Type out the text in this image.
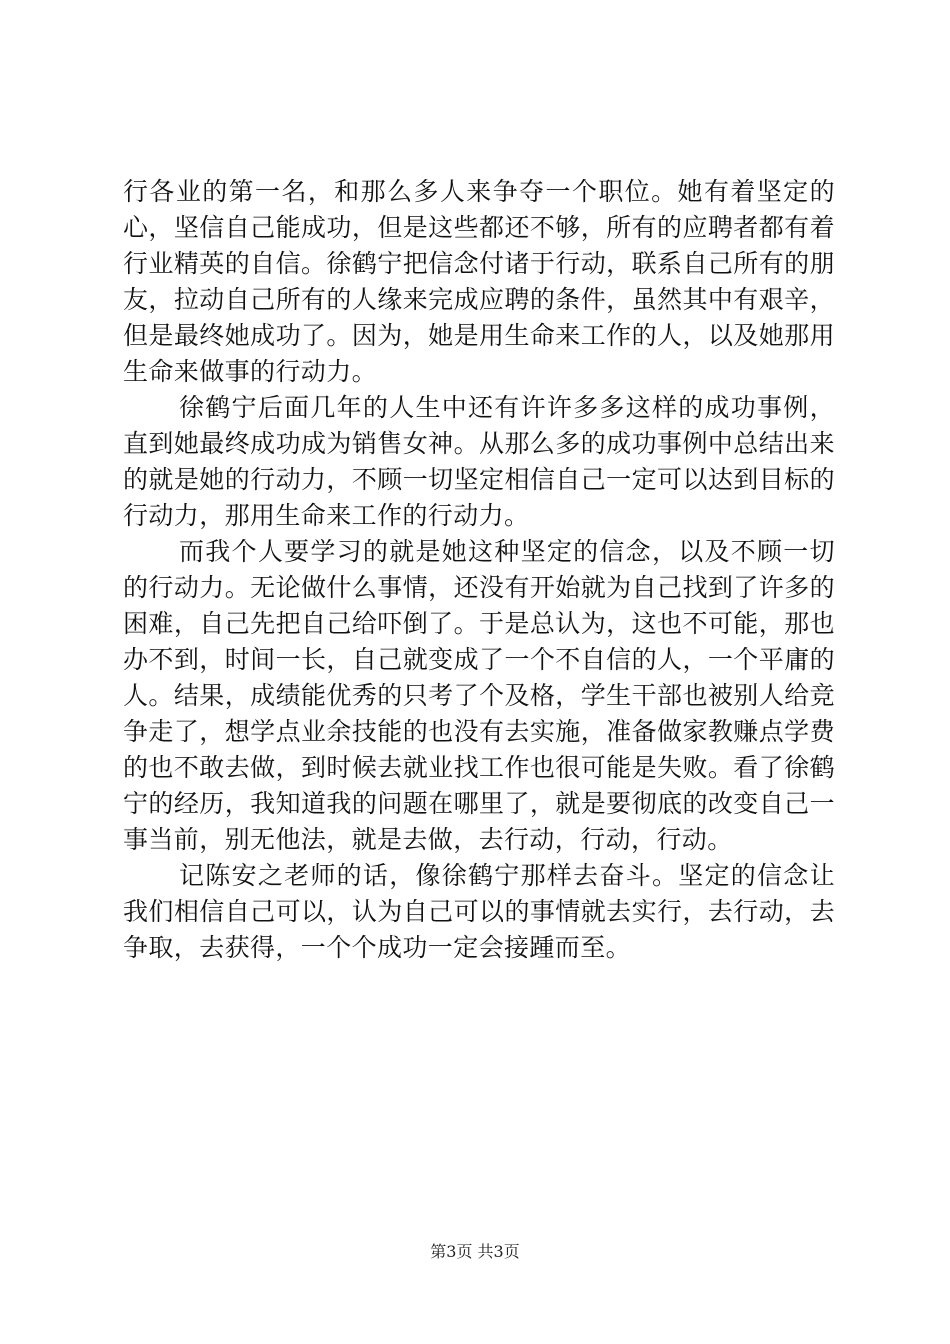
行各业的第一名，和那么多人来争夺一个职位。她有着坚定的心，坚信自己能成功，但是这些都还不够，所有的应聘者都有着行业精英的自信。徐鹤宁把信念付诸于行动，联系自己所有的朋友，拉动自己所有的人缘来完成应聘的条件，虽然其中有艰辛，但是最终她成功了。因为，她是用生命来工作的人，以及她那用生命来做事的行动力。

徐鹤宁后面几年的人生中还有许许多多这样的成功事例，直到她最终成功成为销售女神。从那么多的成功事例中总结出来的就是她的行动力，不顾一切坚定相信自己一定可以达到目标的行动力，那用生命来工作的行动力。

而我个人要学习的就是她这种坚定的信念，以及不顾一切的行动力。无论做什么事情，还没有开始就为自己找到了许多的困难，自己先把自己给吓倒了。于是总认为，这也不可能，那也办不到，时间一长，自己就变成了一个不自信的人，一个平庸的人。结果，成绩能优秀的只考了个及格，学生干部也被别人给竞争走了，想学点业余技能的也没有去实施，准备做家教赚点学费的也不敢去做，到时候去就业找工作也很可能是失败。看了徐鹤宁的经历，我知道我的问题在哪里了，就是要彻底的改变自己一事当前，别无他法，就是去做，去行动，行动，行动。

记陈安之老师的话，像徐鹤宁那样去奋斗。坚定的信念让我们相信自己可以，认为自己可以的事情就去实行，去行动，去争取，去获得，一个个成功一定会接踵而至。

第3页 共3页
